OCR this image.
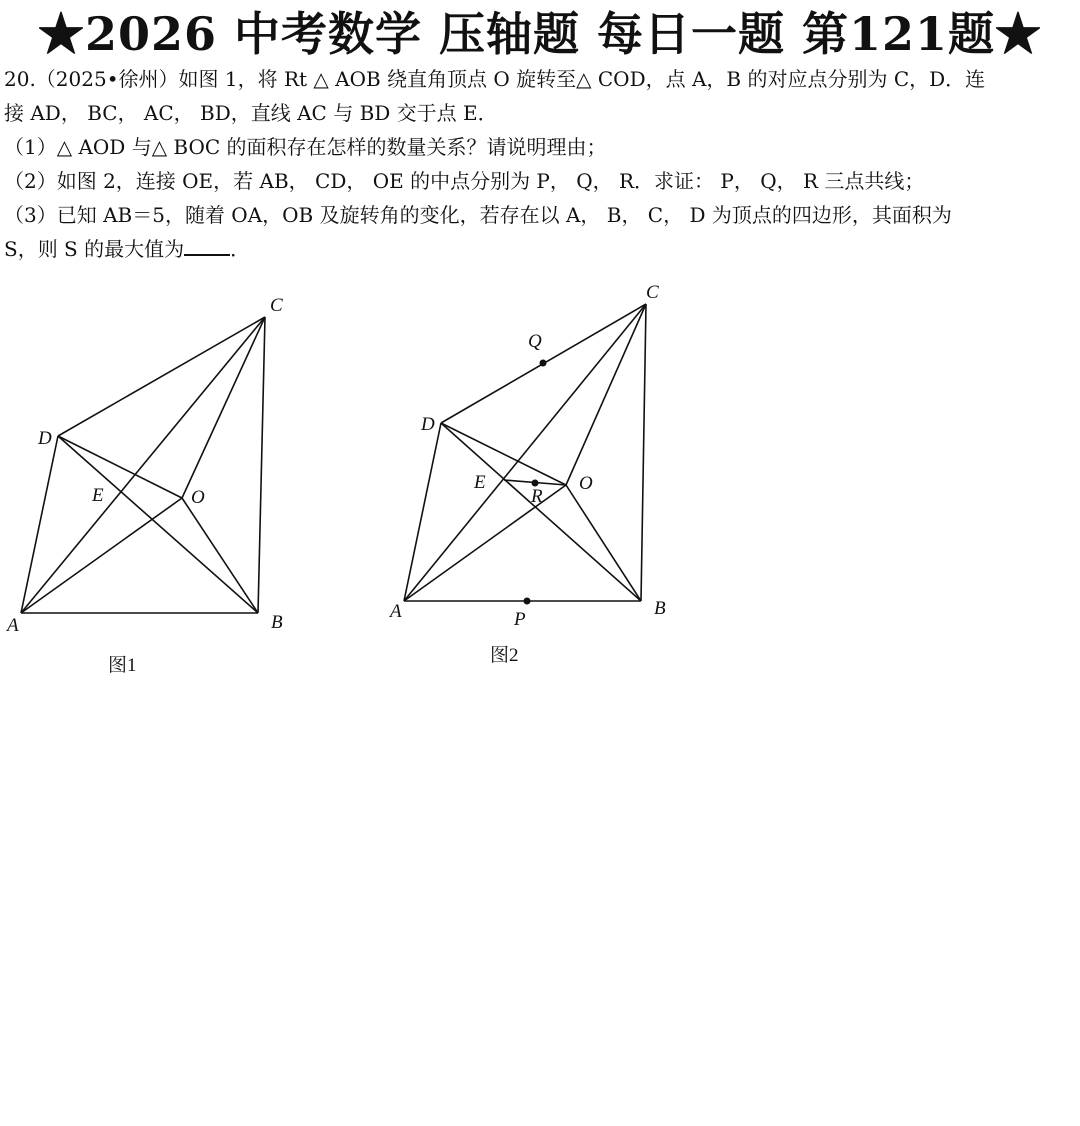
★2026 中考数学 压轴题 每日一题 第121题★
20.（2025•徐州）如图 1，将 Rt △ AOB 绕直角顶点 O 旋转至△ COD，点 A，B 的对应点分别为 C，D．连
接 AD， BC， AC， BD，直线 AC 与 BD 交于点 E．
（1）△ AOD 与△ BOC 的面积存在怎样的数量关系？请说明理由；
（2）如图 2，连接 OE，若 AB， CD， OE 的中点分别为 P， Q， R．求证： P， Q， R 三点共线；
（3）已知 AB＝5，随着 OA，OB 及旋转角的变化，若存在以 A， B， C， D 为顶点的四边形，其面积为
S，则 S 的最大值为 ．
C
D
E	O
A	B
图1
C
Q
D
E
R
O
A	P
B
图2
